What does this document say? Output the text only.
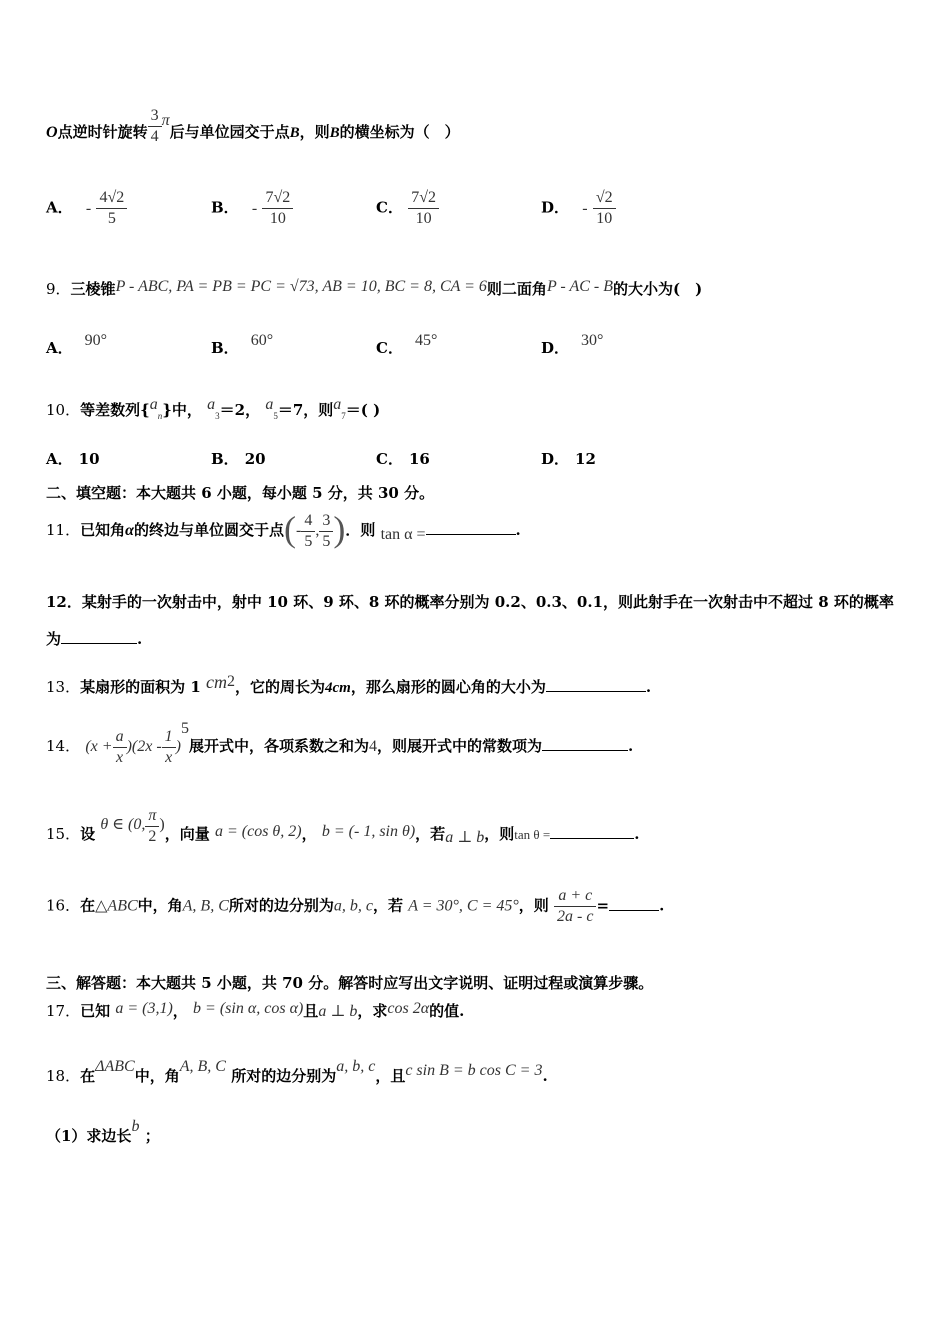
O点逆时针旋转 $\frac{3}{4}$ π后与单位园交于点B，则B的横坐标为（　）
A． - $\frac{4√2}{5}$	B． - $\frac{7√2}{10}$	C． $\frac{7√2}{10}$	D． - $\frac{√2}{10}$
9．三棱锥P - ABC, PA = PB = PC = √73, AB = 10, BC = 8, CA = 6则二面角P - AC - B的大小为(　)
A． 90°	B． 60°	C． 45°	D． 30°
10．等差数列$\{a_n\}$中， $a_3=2$， $a_5=7$，则$a_7=$( )
A． 10	B． 20	C． 16	D． 12
二、填空题：本大题共 6 小题，每小题 5 分，共 30 分。
11．已知角α的终边与单位圆交于点(- $\frac{4}{5}$ , $\frac{3}{5}$ )．则 tan α =	.
12．某射手的一次射击中，射中 10 环、9 环、8 环的概率分别为 0.2、0.3、0.1，则此射手在一次射击中不超过 8 环的概率
为	.
13．某扇形的面积为 1 $cm^2$，它的周长为4cm，那么扇形的圆心角的大小为	.
14． $(x + \frac{a}{x} )(2x - \frac{1}{x} )^5$展开式中，各项系数之和为4，则展开式中的常数项为	.
15．设 θ ∈ (0, $\frac{\pi}{2}$ )，向量 a = (cos θ, 2)， b = (- 1, sin θ)，若a ⊥ b，则tan θ =	.
16．在△ABC中，角A, B, C所对的边分别为a, b, c，若 A = 30°, C = 45°，则 $\frac{a + c}{2a - c}$ =	.
三、解答题：本大题共 5 小题，共 70 分。解答时应写出文字说明、证明过程或演算步骤。
17．已知 a = (3,1)， b = (sin α, cos α)且a ⊥ b，求cos 2α的值.
18．在ΔABC中，角A, B, C 所对的边分别为a, b, c，且c sin B = b cos C = 3.
（1）求边长b ；
